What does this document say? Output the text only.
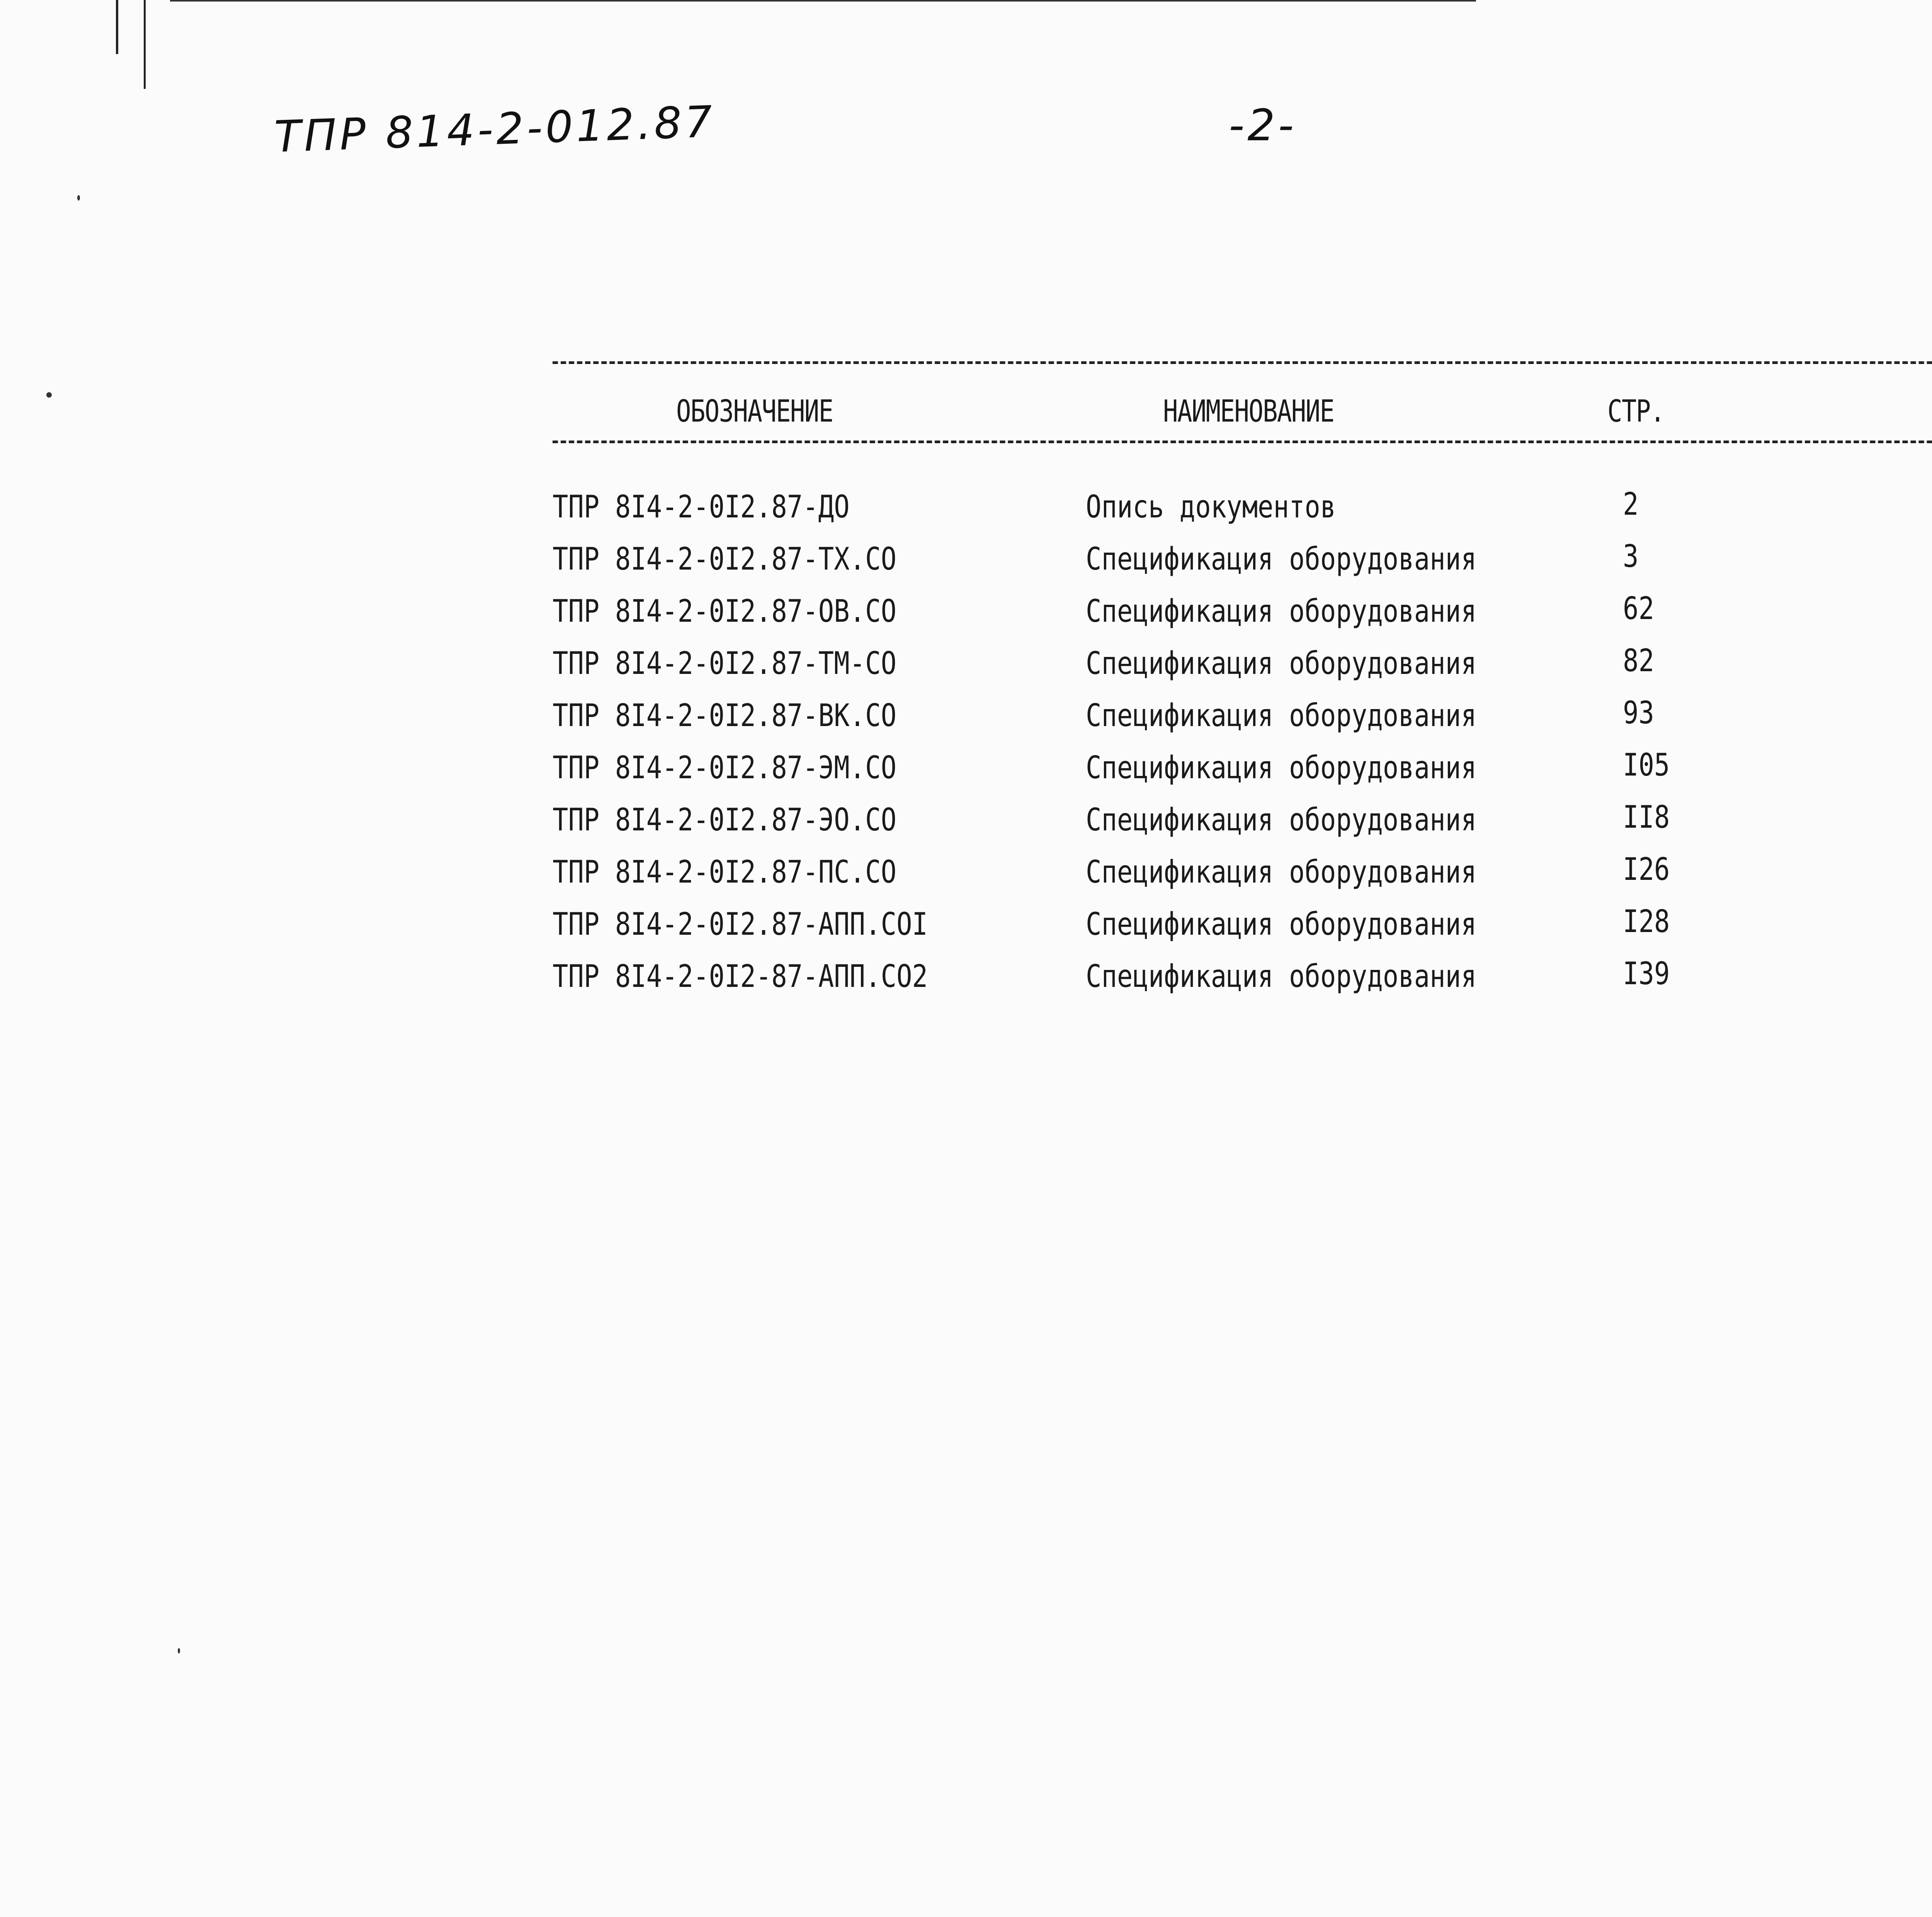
ТПР 814-2-012.87	-2-
ОБОЗНАЧЕНИЕ	НАИМЕНОВАНИЕ	СТР.
ТПР 8I4-2-0I2.87-ДО	Опись документов	2
ТПР 8I4-2-0I2.87-ТХ.СО	Спецификация оборудования	3
ТПР 8I4-2-0I2.87-ОВ.СО	Спецификация оборудования	62
ТПР 8I4-2-0I2.87-ТМ-СО	Спецификация оборудования	82
ТПР 8I4-2-0I2.87-ВК.СО	Спецификация оборудования	93
ТПР 8I4-2-0I2.87-ЭМ.СО	Спецификация оборудования	I05
ТПР 8I4-2-0I2.87-ЭО.СО	Спецификация оборудования	II8
ТПР 8I4-2-0I2.87-ПС.СО	Спецификация оборудования	I26
ТПР 8I4-2-0I2.87-АПП.СОI	Спецификация оборудования	I28
ТПР 8I4-2-0I2-87-АПП.СО2	Спецификация оборудования	I39
